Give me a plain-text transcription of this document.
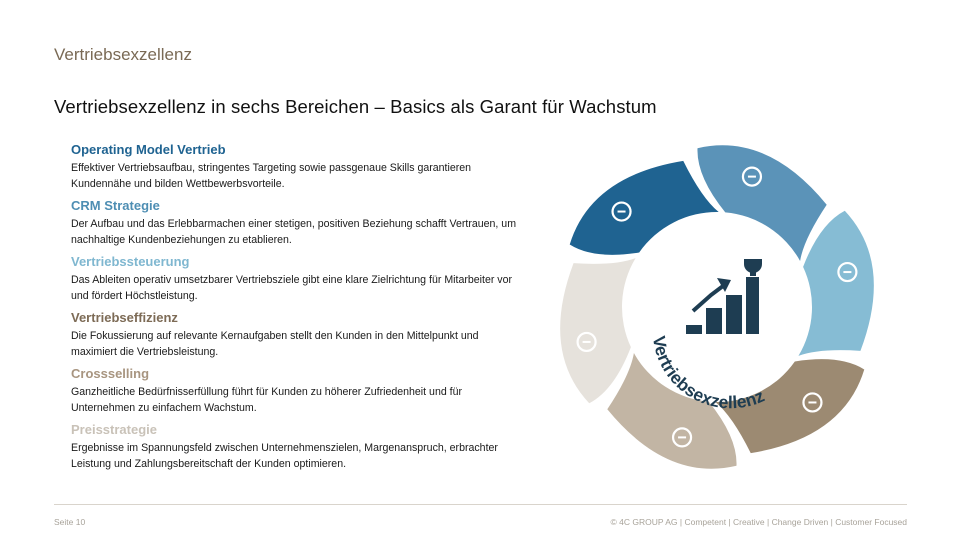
Vertriebsexzellenz
Vertriebsexzellenz in sechs Bereichen – Basics als Garant für Wachstum
Operating Model Vertrieb

Effektiver Vertriebsaufbau, stringentes Targeting sowie passgenaue Skills garantieren Kundennähe und bilden Wettbewerbsvorteile.

CRM Strategie

Der Aufbau und das Erlebbarmachen einer stetigen, positiven Beziehung schafft Vertrauen, um nachhaltige Kundenbeziehungen zu etablieren.

Vertriebssteuerung

Das Ableiten operativ umsetzbarer Vertriebsziele gibt eine klare Zielrichtung für Mitarbeiter vor und fördert Höchstleistung.

Vertriebseffizienz

Die Fokussierung auf relevante Kernaufgaben stellt den Kunden in den Mittelpunkt und maximiert die Vertriebsleistung.

Crossselling

Ganzheitliche Bedürfnisserfüllung führt für Kunden zu höherer Zufriedenheit und für Unternehmen zu einfachem Wachstum.

Preisstrategie

Ergebnisse im Spannungsfeld zwischen Unternehmenszielen, Margenanspruch, erbrachter Leistung und Zahlungsbereitschaft der Kunden optimieren.

Vertriebsexzellenz
Seite 10	© 4C GROUP AG | Competent | Creative | Change Driven | Customer Focused
